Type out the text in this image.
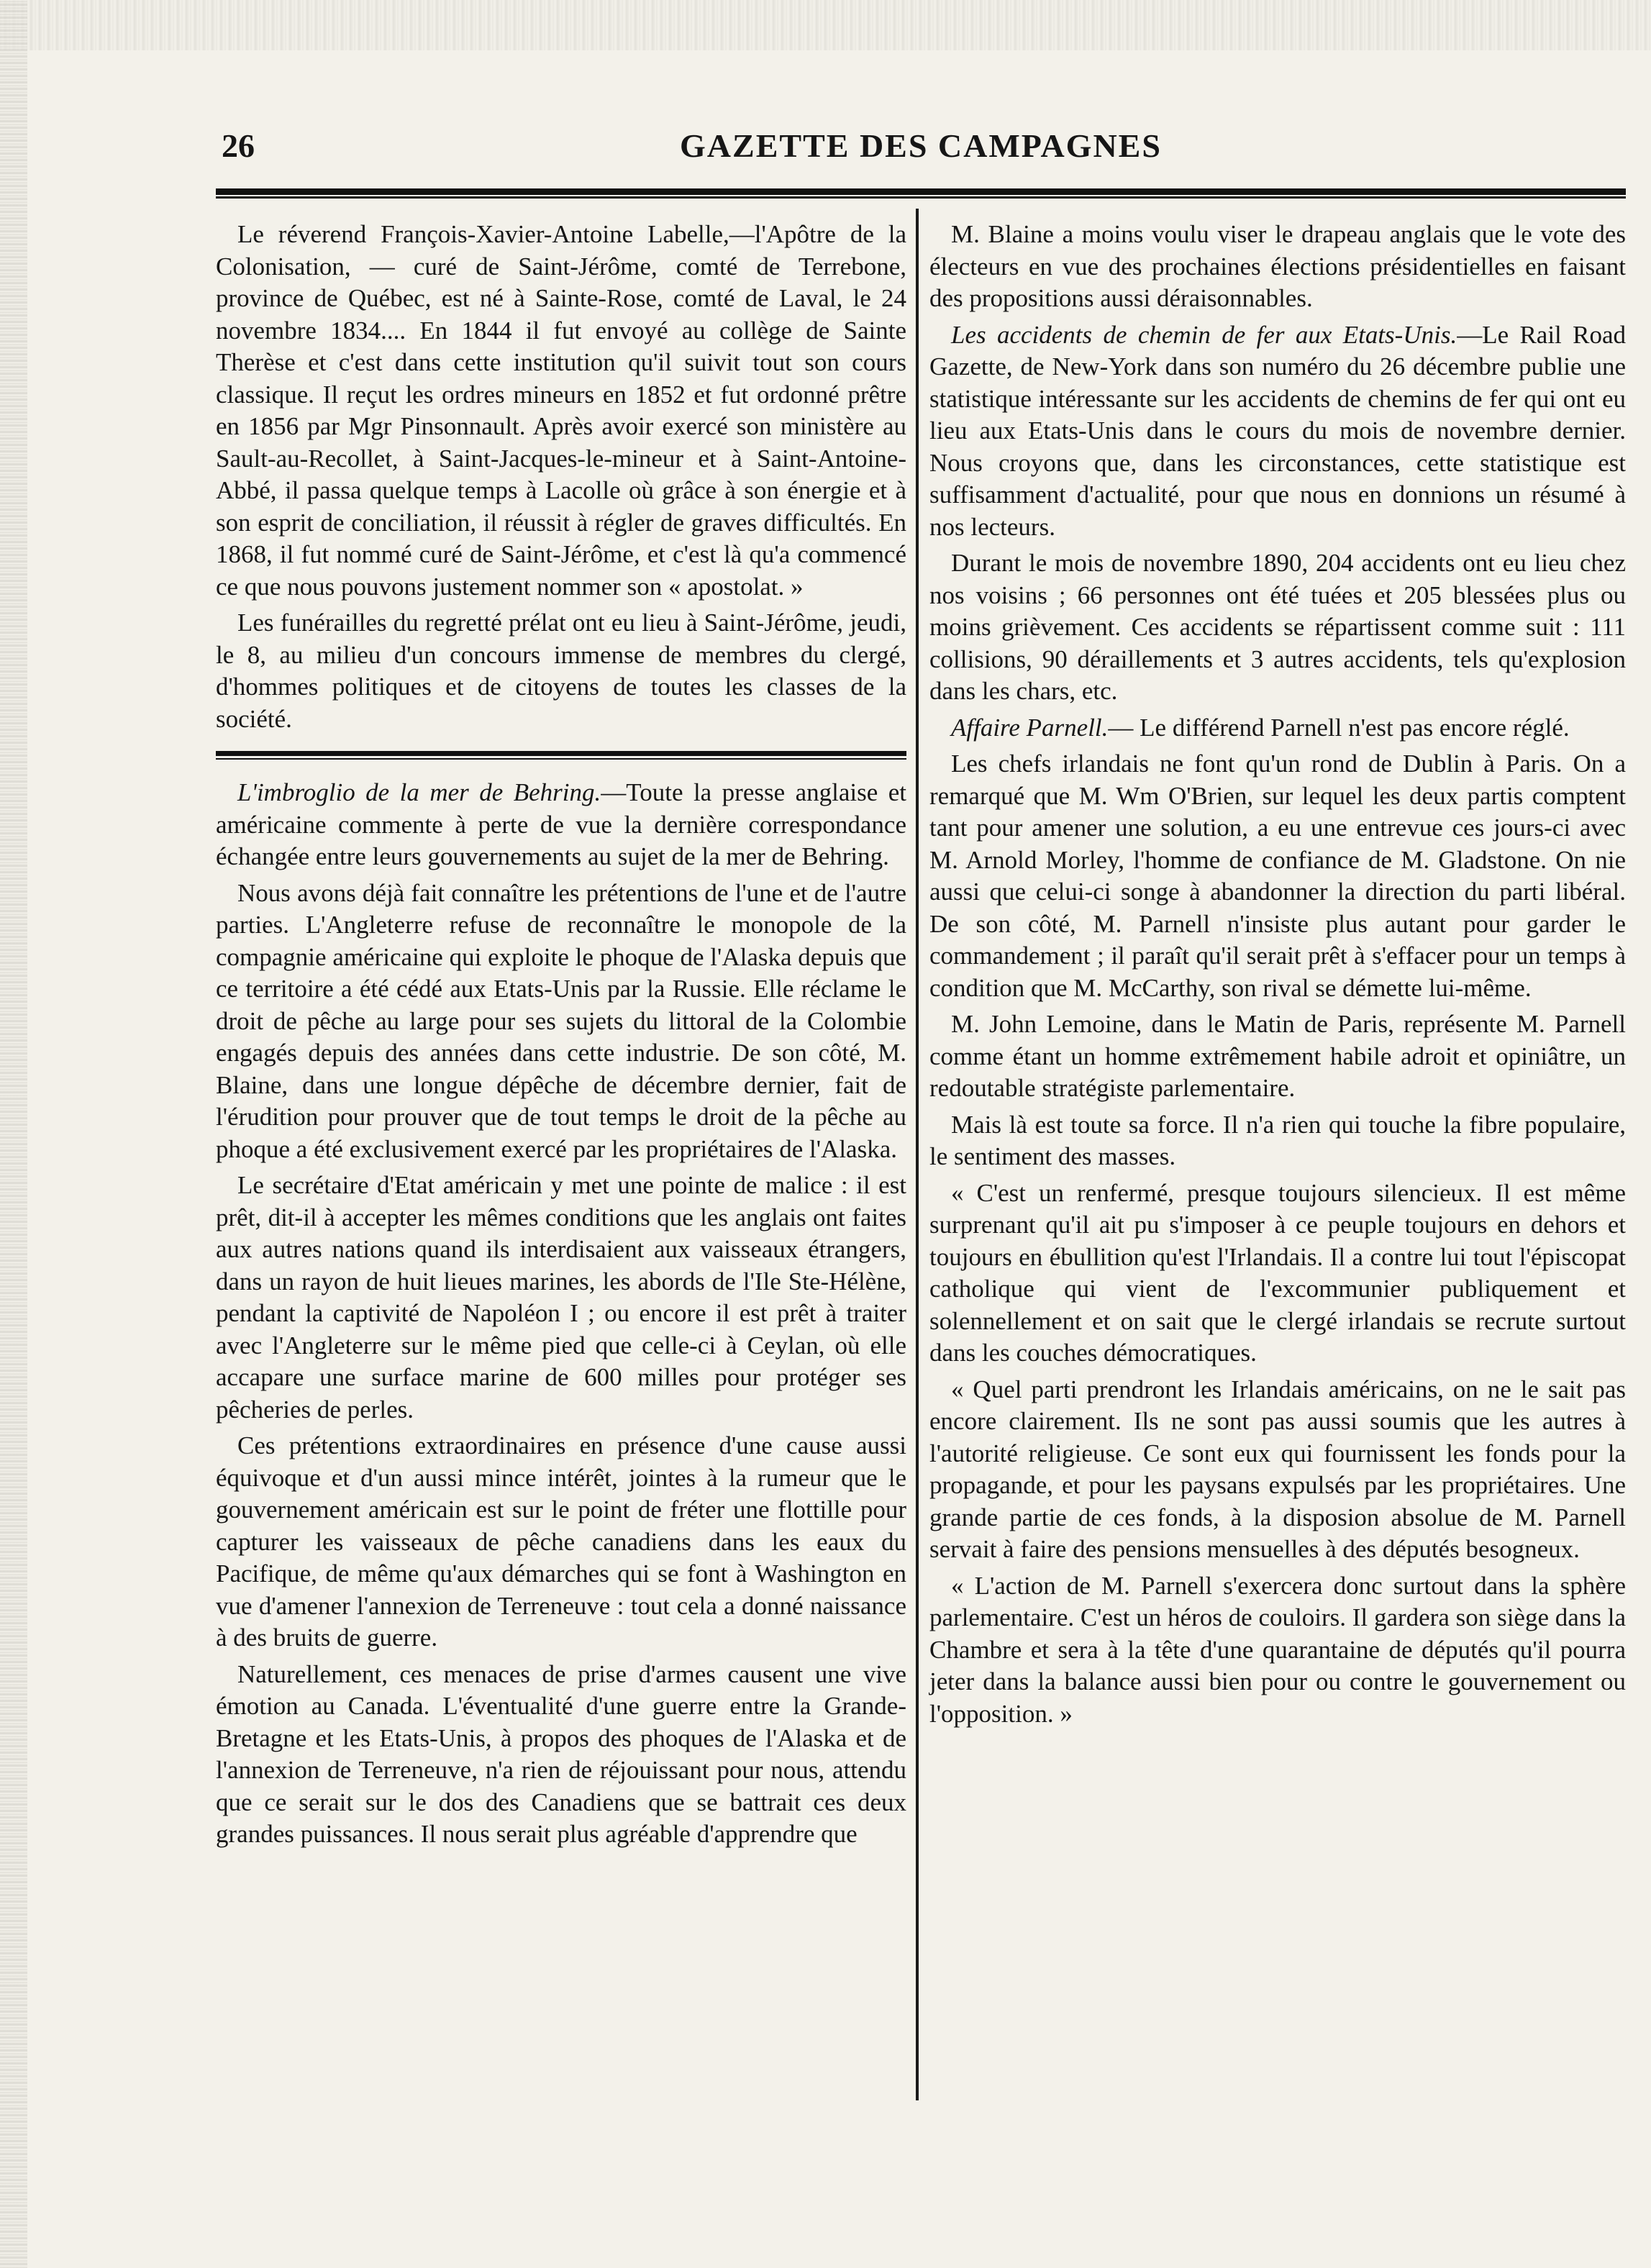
26	GAZETTE DES CAMPAGNES

Le réverend François-Xavier-Antoine Labelle,—l'Apôtre de la Colonisation, — curé de Saint-Jérôme, comté de Terrebone, province de Québec, est né à Sainte-Rose, comté de Laval, le 24 novembre 1834.... En 1844 il fut envoyé au collège de Sainte Therèse et c'est dans cette institution qu'il suivit tout son cours classique. Il reçut les ordres mineurs en 1852 et fut ordonné prêtre en 1856 par Mgr Pinsonnault. Après avoir exercé son ministère au Sault-au-Recollet, à Saint-Jacques-le-mineur et à Saint-Antoine-Abbé, il passa quelque temps à Lacolle où grâce à son énergie et à son esprit de conciliation, il réussit à régler de graves difficultés. En 1868, il fut nommé curé de Saint-Jérôme, et c'est là qu'a commencé ce que nous pouvons justement nommer son « apostolat. »

Les funérailles du regretté prélat ont eu lieu à Saint-Jérôme, jeudi, le 8, au milieu d'un concours immense de membres du clergé, d'hommes politiques et de citoyens de toutes les classes de la société.

L'imbroglio de la mer de Behring.—Toute la presse anglaise et américaine commente à perte de vue la dernière correspondance échangée entre leurs gouvernements au sujet de la mer de Behring.

Nous avons déjà fait connaître les prétentions de l'une et de l'autre parties. L'Angleterre refuse de reconnaître le monopole de la compagnie américaine qui exploite le phoque de l'Alaska depuis que ce territoire a été cédé aux Etats-Unis par la Russie. Elle réclame le droit de pêche au large pour ses sujets du littoral de la Colombie engagés depuis des années dans cette industrie. De son côté, M. Blaine, dans une longue dépêche de décembre dernier, fait de l'érudition pour prouver que de tout temps le droit de la pêche au phoque a été exclusivement exercé par les propriétaires de l'Alaska.

Le secrétaire d'Etat américain y met une pointe de malice : il est prêt, dit-il à accepter les mêmes conditions que les anglais ont faites aux autres nations quand ils interdisaient aux vaisseaux étrangers, dans un rayon de huit lieues marines, les abords de l'Ile Ste-Hélène, pendant la captivité de Napoléon I ; ou encore il est prêt à traiter avec l'Angleterre sur le même pied que celle-ci à Ceylan, où elle accapare une surface marine de 600 milles pour protéger ses pêcheries de perles.

Ces prétentions extraordinaires en présence d'une cause aussi équivoque et d'un aussi mince intérêt, jointes à la rumeur que le gouvernement américain est sur le point de fréter une flottille pour capturer les vaisseaux de pêche canadiens dans les eaux du Pacifique, de même qu'aux démarches qui se font à Washington en vue d'amener l'annexion de Terreneuve : tout cela a donné naissance à des bruits de guerre.

Naturellement, ces menaces de prise d'armes causent une vive émotion au Canada. L'éventualité d'une guerre entre la Grande-Bretagne et les Etats-Unis, à propos des phoques de l'Alaska et de l'annexion de Terreneuve, n'a rien de réjouissant pour nous, attendu que ce serait sur le dos des Canadiens que se battrait ces deux grandes puissances. Il nous serait plus agréable d'apprendre que

M. Blaine a moins voulu viser le drapeau anglais que le vote des électeurs en vue des prochaines élections présidentielles en faisant des propositions aussi déraisonnables.

Les accidents de chemin de fer aux Etats-Unis.—Le Rail Road Gazette, de New-York dans son numéro du 26 décembre publie une statistique intéressante sur les accidents de chemins de fer qui ont eu lieu aux Etats-Unis dans le cours du mois de novembre dernier. Nous croyons que, dans les circonstances, cette statistique est suffisamment d'actualité, pour que nous en donnions un résumé à nos lecteurs.

Durant le mois de novembre 1890, 204 accidents ont eu lieu chez nos voisins ; 66 personnes ont été tuées et 205 blessées plus ou moins grièvement. Ces accidents se répartissent comme suit : 111 collisions, 90 déraillements et 3 autres accidents, tels qu'explosion dans les chars, etc.

Affaire Parnell.— Le différend Parnell n'est pas encore réglé.

Les chefs irlandais ne font qu'un rond de Dublin à Paris. On a remarqué que M. Wm O'Brien, sur lequel les deux partis comptent tant pour amener une solution, a eu une entrevue ces jours-ci avec M. Arnold Morley, l'homme de confiance de M. Gladstone. On nie aussi que celui-ci songe à abandonner la direction du parti libéral. De son côté, M. Parnell n'insiste plus autant pour garder le commandement ; il paraît qu'il serait prêt à s'effacer pour un temps à condition que M. McCarthy, son rival se démette lui-même.

M. John Lemoine, dans le Matin de Paris, représente M. Parnell comme étant un homme extrêmement habile adroit et opiniâtre, un redoutable stratégiste parlementaire.

Mais là est toute sa force. Il n'a rien qui touche la fibre populaire, le sentiment des masses.

« C'est un renfermé, presque toujours silencieux. Il est même surprenant qu'il ait pu s'imposer à ce peuple toujours en dehors et toujours en ébullition qu'est l'Irlandais. Il a contre lui tout l'épiscopat catholique qui vient de l'excommunier publiquement et solennellement et on sait que le clergé irlandais se recrute surtout dans les couches démocratiques.

« Quel parti prendront les Irlandais américains, on ne le sait pas encore clairement. Ils ne sont pas aussi soumis que les autres à l'autorité religieuse. Ce sont eux qui fournissent les fonds pour la propagande, et pour les paysans expulsés par les propriétaires. Une grande partie de ces fonds, à la disposion absolue de M. Parnell servait à faire des pensions mensuelles à des députés besogneux.

« L'action de M. Parnell s'exercera donc surtout dans la sphère parlementaire. C'est un héros de couloirs. Il gardera son siège dans la Chambre et sera à la tête d'une quarantaine de députés qu'il pourra jeter dans la balance aussi bien pour ou contre le gouvernement ou l'opposition. »
